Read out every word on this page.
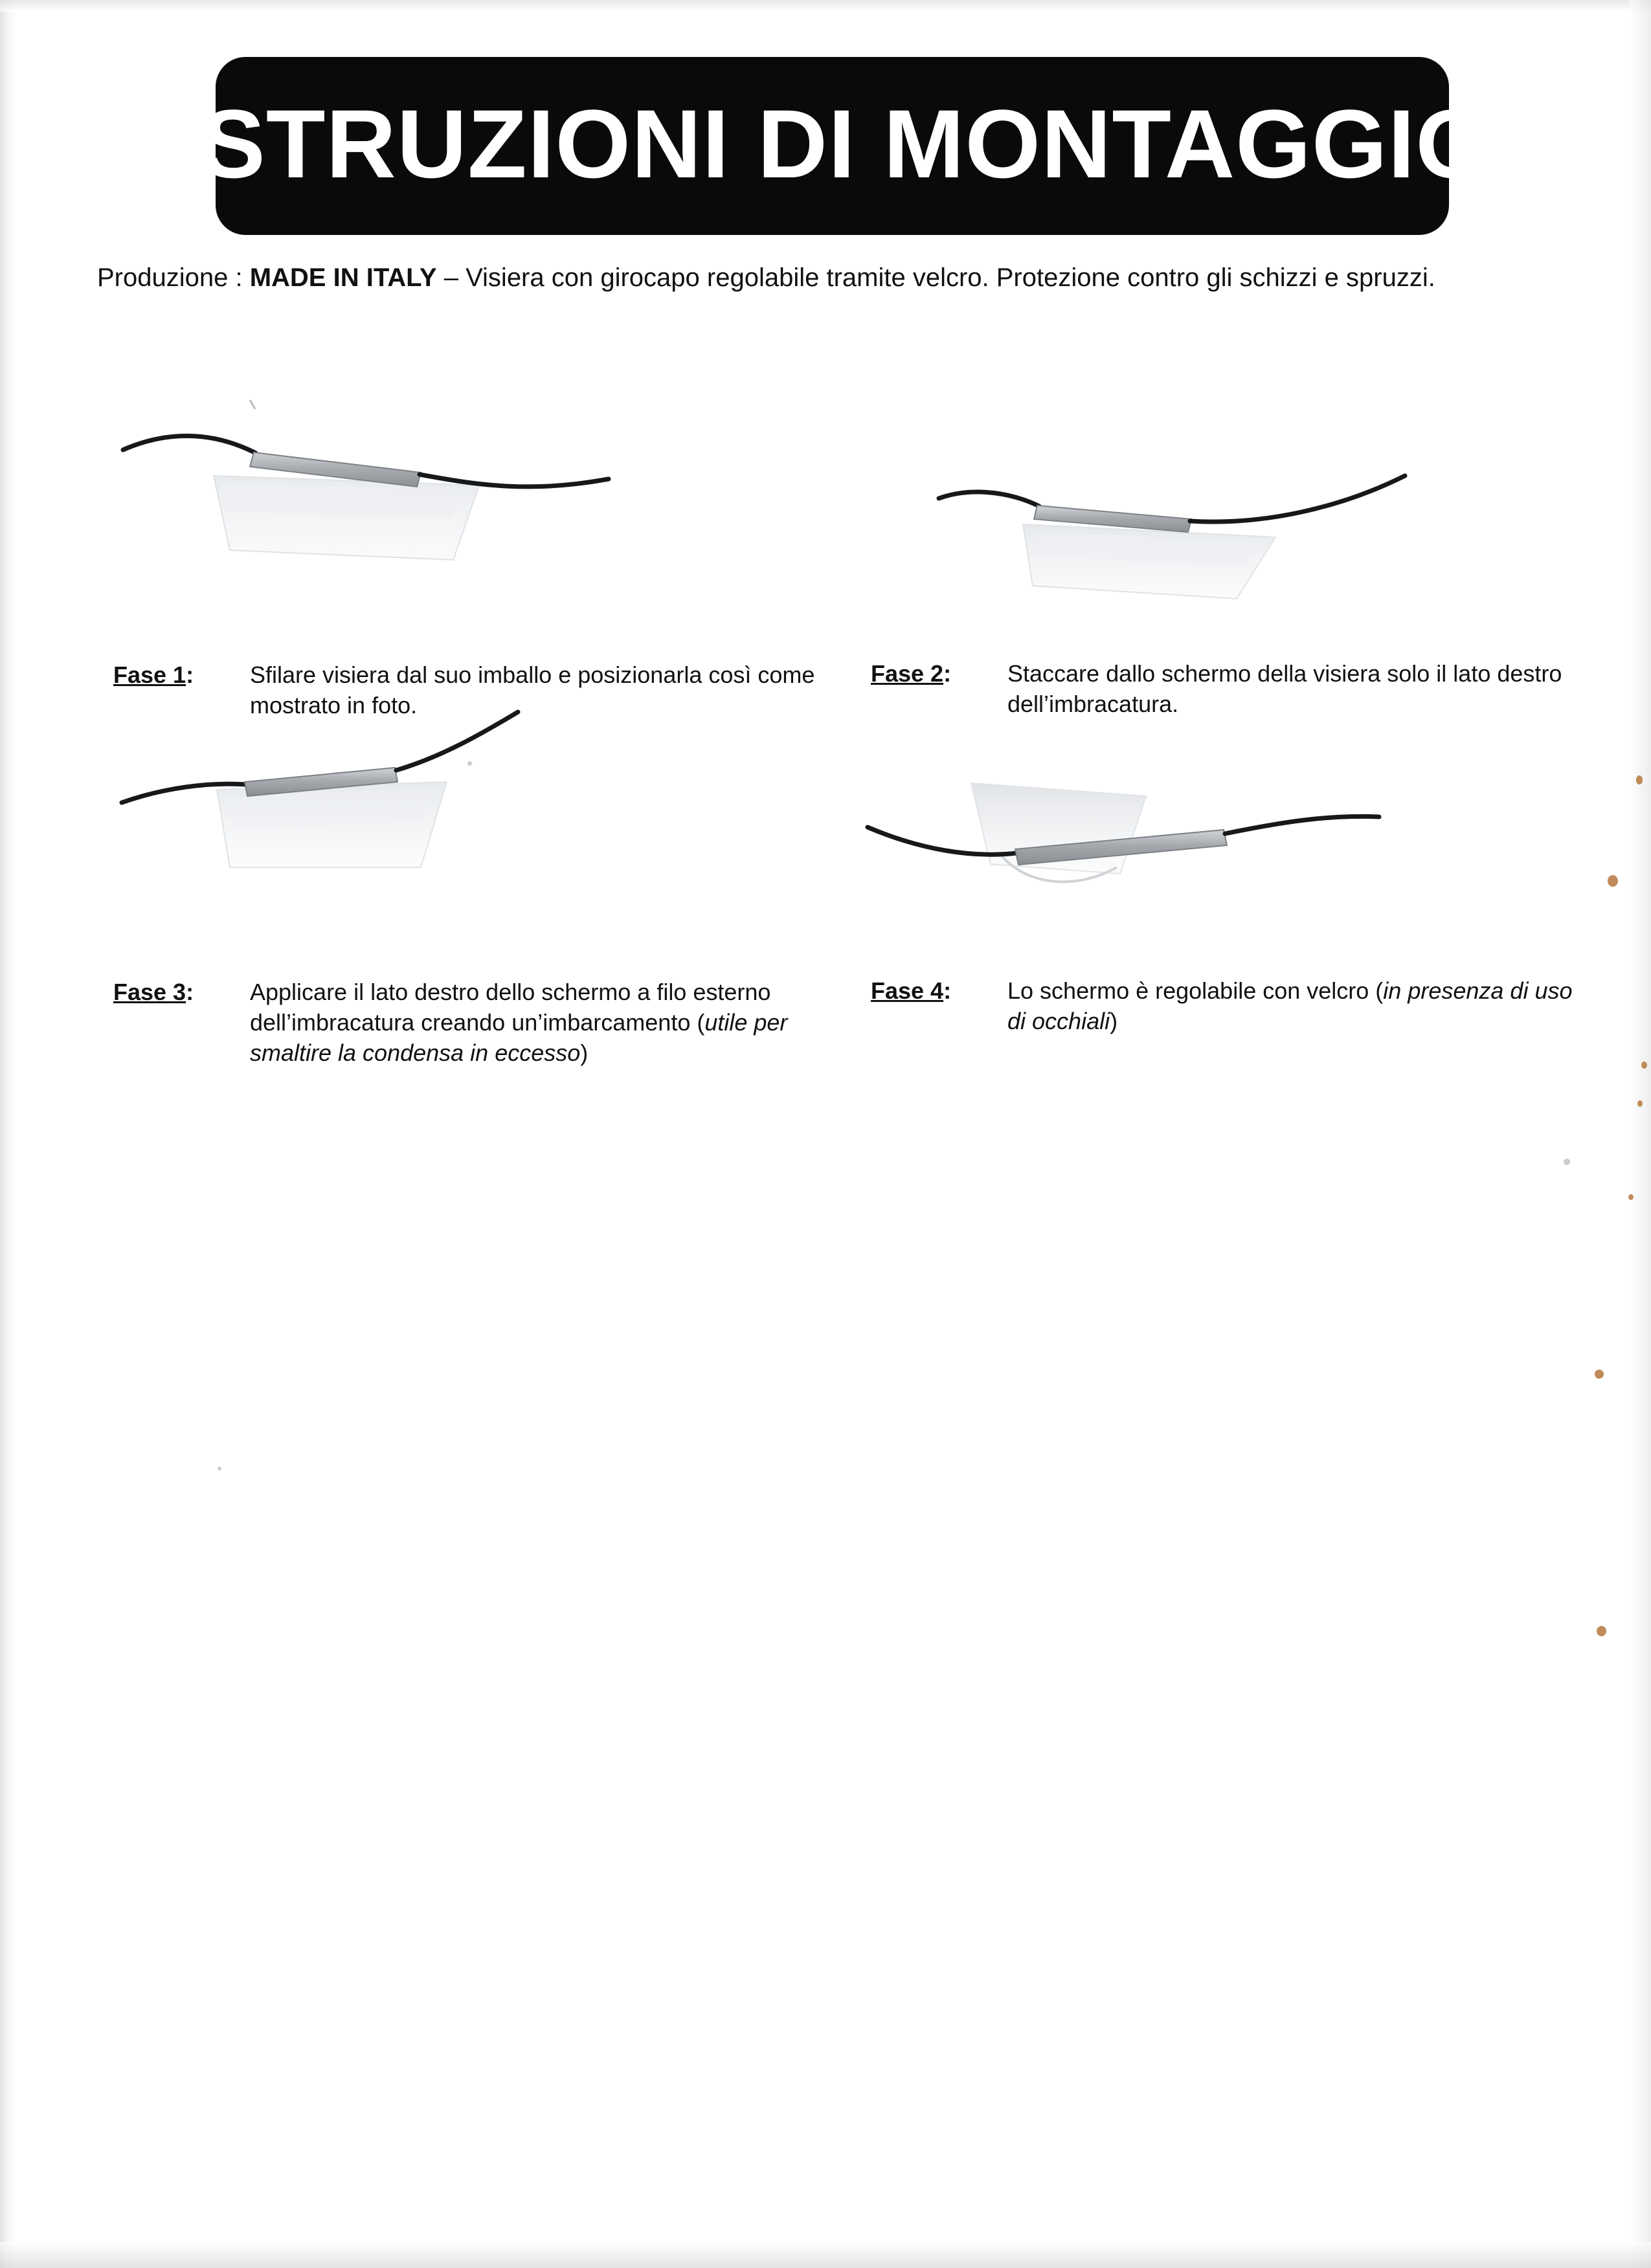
ISTRUZIONI DI MONTAGGIO
Produzione : MADE IN ITALY – Visiera con girocapo regolabile tramite velcro. Protezione contro gli schizzi e spruzzi.
Fase 1:	Sfilare visiera dal suo imballo e posizionarla così come mostrato in foto.
Fase 2:	Staccare dallo schermo della visiera solo il lato destro dell’imbracatura.
Fase 3:	Applicare il lato destro dello schermo a filo esterno dell’imbracatura creando un’imbarcamento (utile per smaltire la condensa in eccesso)
Fase 4:	Lo schermo è regolabile con velcro (in presenza di uso di occhiali)
